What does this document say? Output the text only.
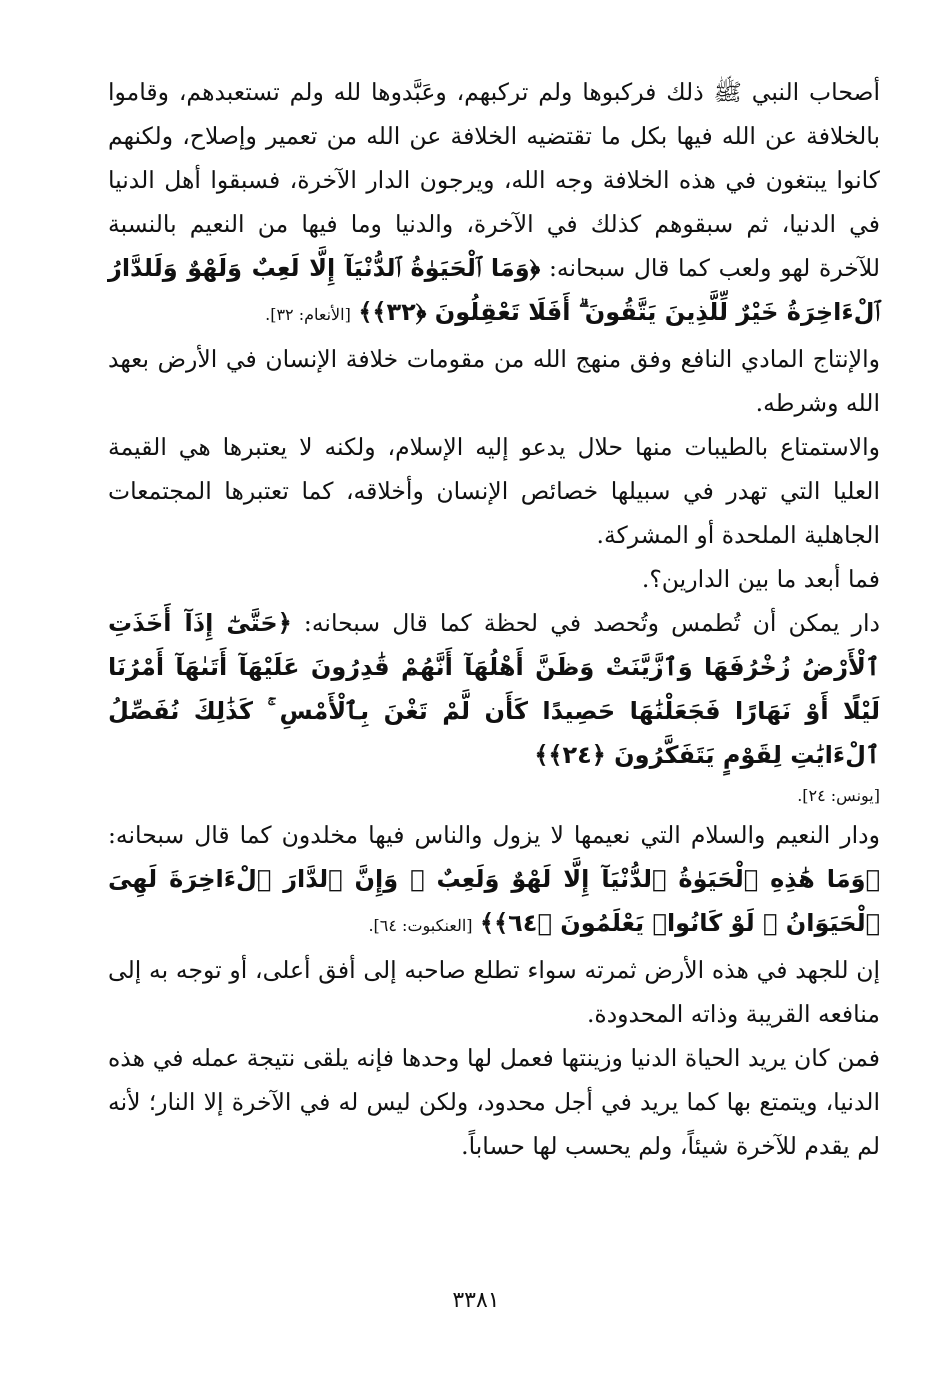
أصحاب النبي ﷺ ذلك فركبوها ولم تركبهم، وعَبَّدوها لله ولم تستعبدهم، وقاموا بالخلافة عن الله فيها بكل ما تقتضيه الخلافة عن الله من تعمير وإصلاح، ولكنهم كانوا يبتغون في هذه الخلافة وجه الله، ويرجون الدار الآخرة، فسبقوا أهل الدنيا في الدنيا، ثم سبقوهم كذلك في الآخرة، والدنيا وما فيها من النعيم بالنسبة للآخرة لهو ولعب كما قال سبحانه: ﴿وَمَا ٱلْحَيَوٰةُ ٱلدُّنْيَآ إِلَّا لَعِبٌ وَلَهْوٌ وَلَلدَّارُ ٱلْءَاخِرَةُ خَيْرٌ لِّلَّذِينَ يَتَّقُونَ ۗ أَفَلَا تَعْقِلُونَ ﴿٣٢﴾﴾ [الأنعام: ٣٢].

والإنتاج المادي النافع وفق منهج الله من مقومات خلافة الإنسان في الأرض بعهد الله وشرطه.

والاستمتاع بالطيبات منها حلال يدعو إليه الإسلام، ولكنه لا يعتبرها هي القيمة العليا التي تهدر في سبيلها خصائص الإنسان وأخلاقه، كما تعتبرها المجتمعات الجاهلية الملحدة أو المشركة.

فما أبعد ما بين الدارين؟.

دار يمكن أن تُطمس وتُحصد في لحظة كما قال سبحانه: ﴿حَتَّىٰٓ إِذَآ أَخَذَتِ ٱلْأَرْضُ زُخْرُفَهَا وَٱزَّيَّنَتْ وَظَنَّ أَهْلُهَآ أَنَّهُمْ قَٰدِرُونَ عَلَيْهَآ أَتَىٰهَآ أَمْرُنَا لَيْلًا أَوْ نَهَارًا فَجَعَلْنَٰهَا حَصِيدًا كَأَن لَّمْ تَغْنَ بِٱلْأَمْسِ ۚ كَذَٰلِكَ نُفَصِّلُ ٱلْءَايَٰتِ لِقَوْمٍ يَتَفَكَّرُونَ ﴿٢٤﴾﴾

[يونس: ٢٤].

ودار النعيم والسلام التي نعيمها لا يزول والناس فيها مخلدون كما قال سبحانه: ﴿وَمَا هَٰذِهِ ٱلْحَيَوٰةُ ٱلدُّنْيَآ إِلَّا لَهْوٌ وَلَعِبٌ ۚ وَإِنَّ ٱلدَّارَ ٱلْءَاخِرَةَ لَهِىَ ٱلْحَيَوَانُ ۚ لَوْ كَانُوا۟ يَعْلَمُونَ ﴿٦٤﴾﴾ [العنكبوت: ٦٤].

إن للجهد في هذه الأرض ثمرته سواء تطلع صاحبه إلى أفق أعلى، أو توجه به إلى منافعه القريبة وذاته المحدودة.

فمن كان يريد الحياة الدنيا وزينتها فعمل لها وحدها فإنه يلقى نتيجة عمله في هذه الدنيا، ويتمتع بها كما يريد في أجل محدود، ولكن ليس له في الآخرة إلا النار؛ لأنه لم يقدم للآخرة شيئاً، ولم يحسب لها حساباً.

٣٣٨١
